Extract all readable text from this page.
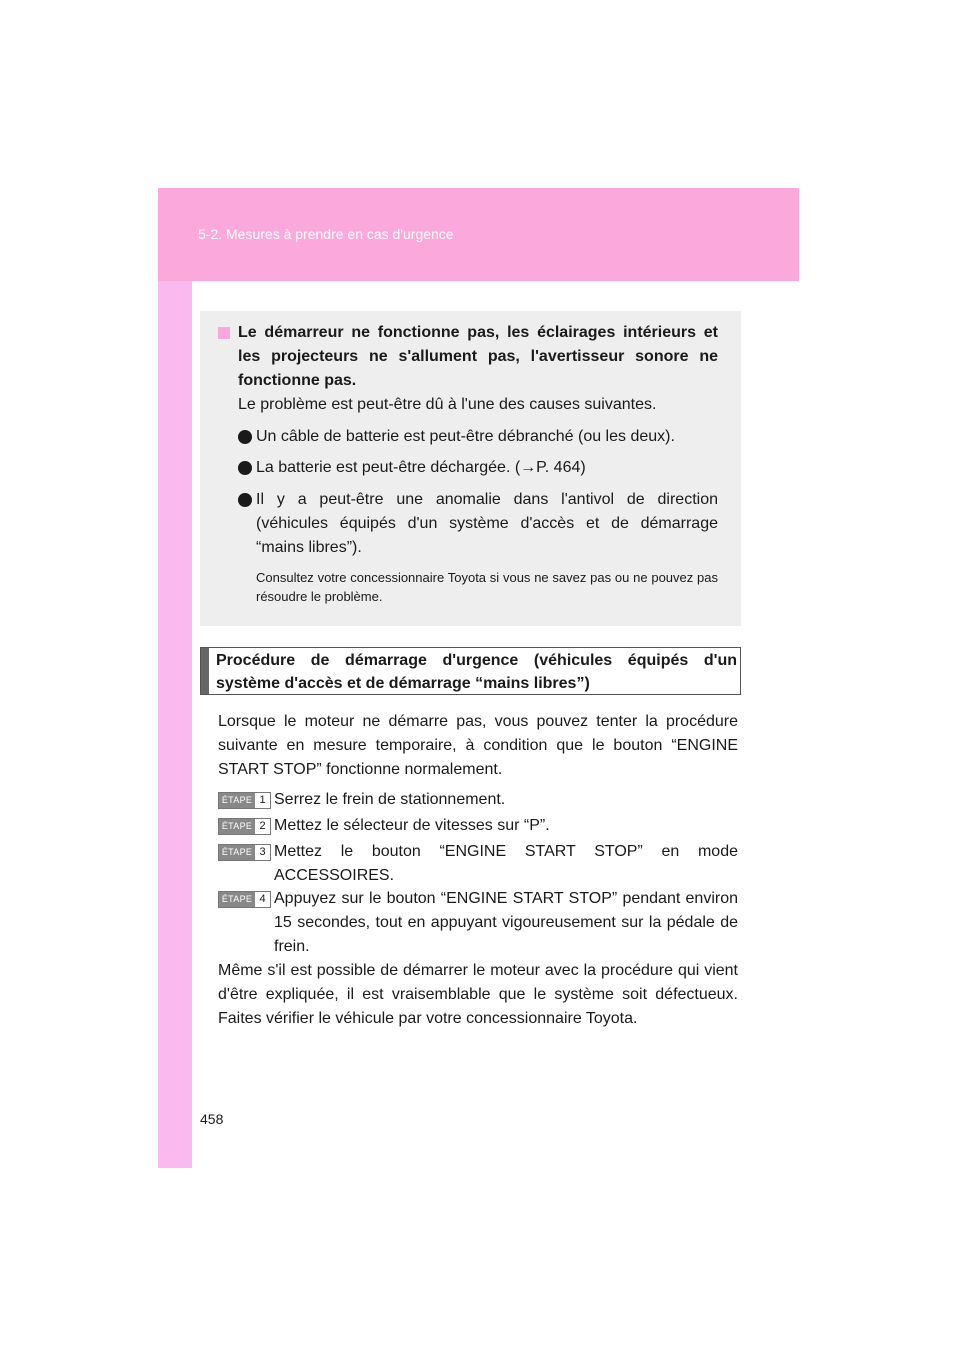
5-2. Mesures à prendre en cas d'urgence
Le démarreur ne fonctionne pas, les éclairages intérieurs et les projecteurs ne s'allument pas, l'avertisseur sonore ne fonctionne pas.
Le problème est peut-être dû à l'une des causes suivantes.
Un câble de batterie est peut-être débranché (ou les deux).
La batterie est peut-être déchargée. (→P. 464)
Il y a peut-être une anomalie dans l'antivol de direction (véhicules équipés d'un système d'accès et de démarrage “mains libres”).
Consultez votre concessionnaire Toyota si vous ne savez pas ou ne pouvez pas résoudre le problème.
Procédure de démarrage d'urgence (véhicules équipés d'un
système d'accès et de démarrage “mains libres”)
Lorsque le moteur ne démarre pas, vous pouvez tenter la procédure suivante en mesure temporaire, à condition que le bouton “ENGINE START STOP” fonctionne normalement.
ÉTAPE 1 Serrez le frein de stationnement.
ÉTAPE 2 Mettez le sélecteur de vitesses sur “P”.
ÉTAPE 3 Mettez le bouton “ENGINE START STOP” en mode ACCESSOIRES.
ÉTAPE 4 Appuyez sur le bouton “ENGINE START STOP” pendant environ 15 secondes, tout en appuyant vigoureusement sur la pédale de frein.
Même s'il est possible de démarrer le moteur avec la procédure qui vient d'être expliquée, il est vraisemblable que le système soit défectueux. Faites vérifier le véhicule par votre concessionnaire Toyota.
458
